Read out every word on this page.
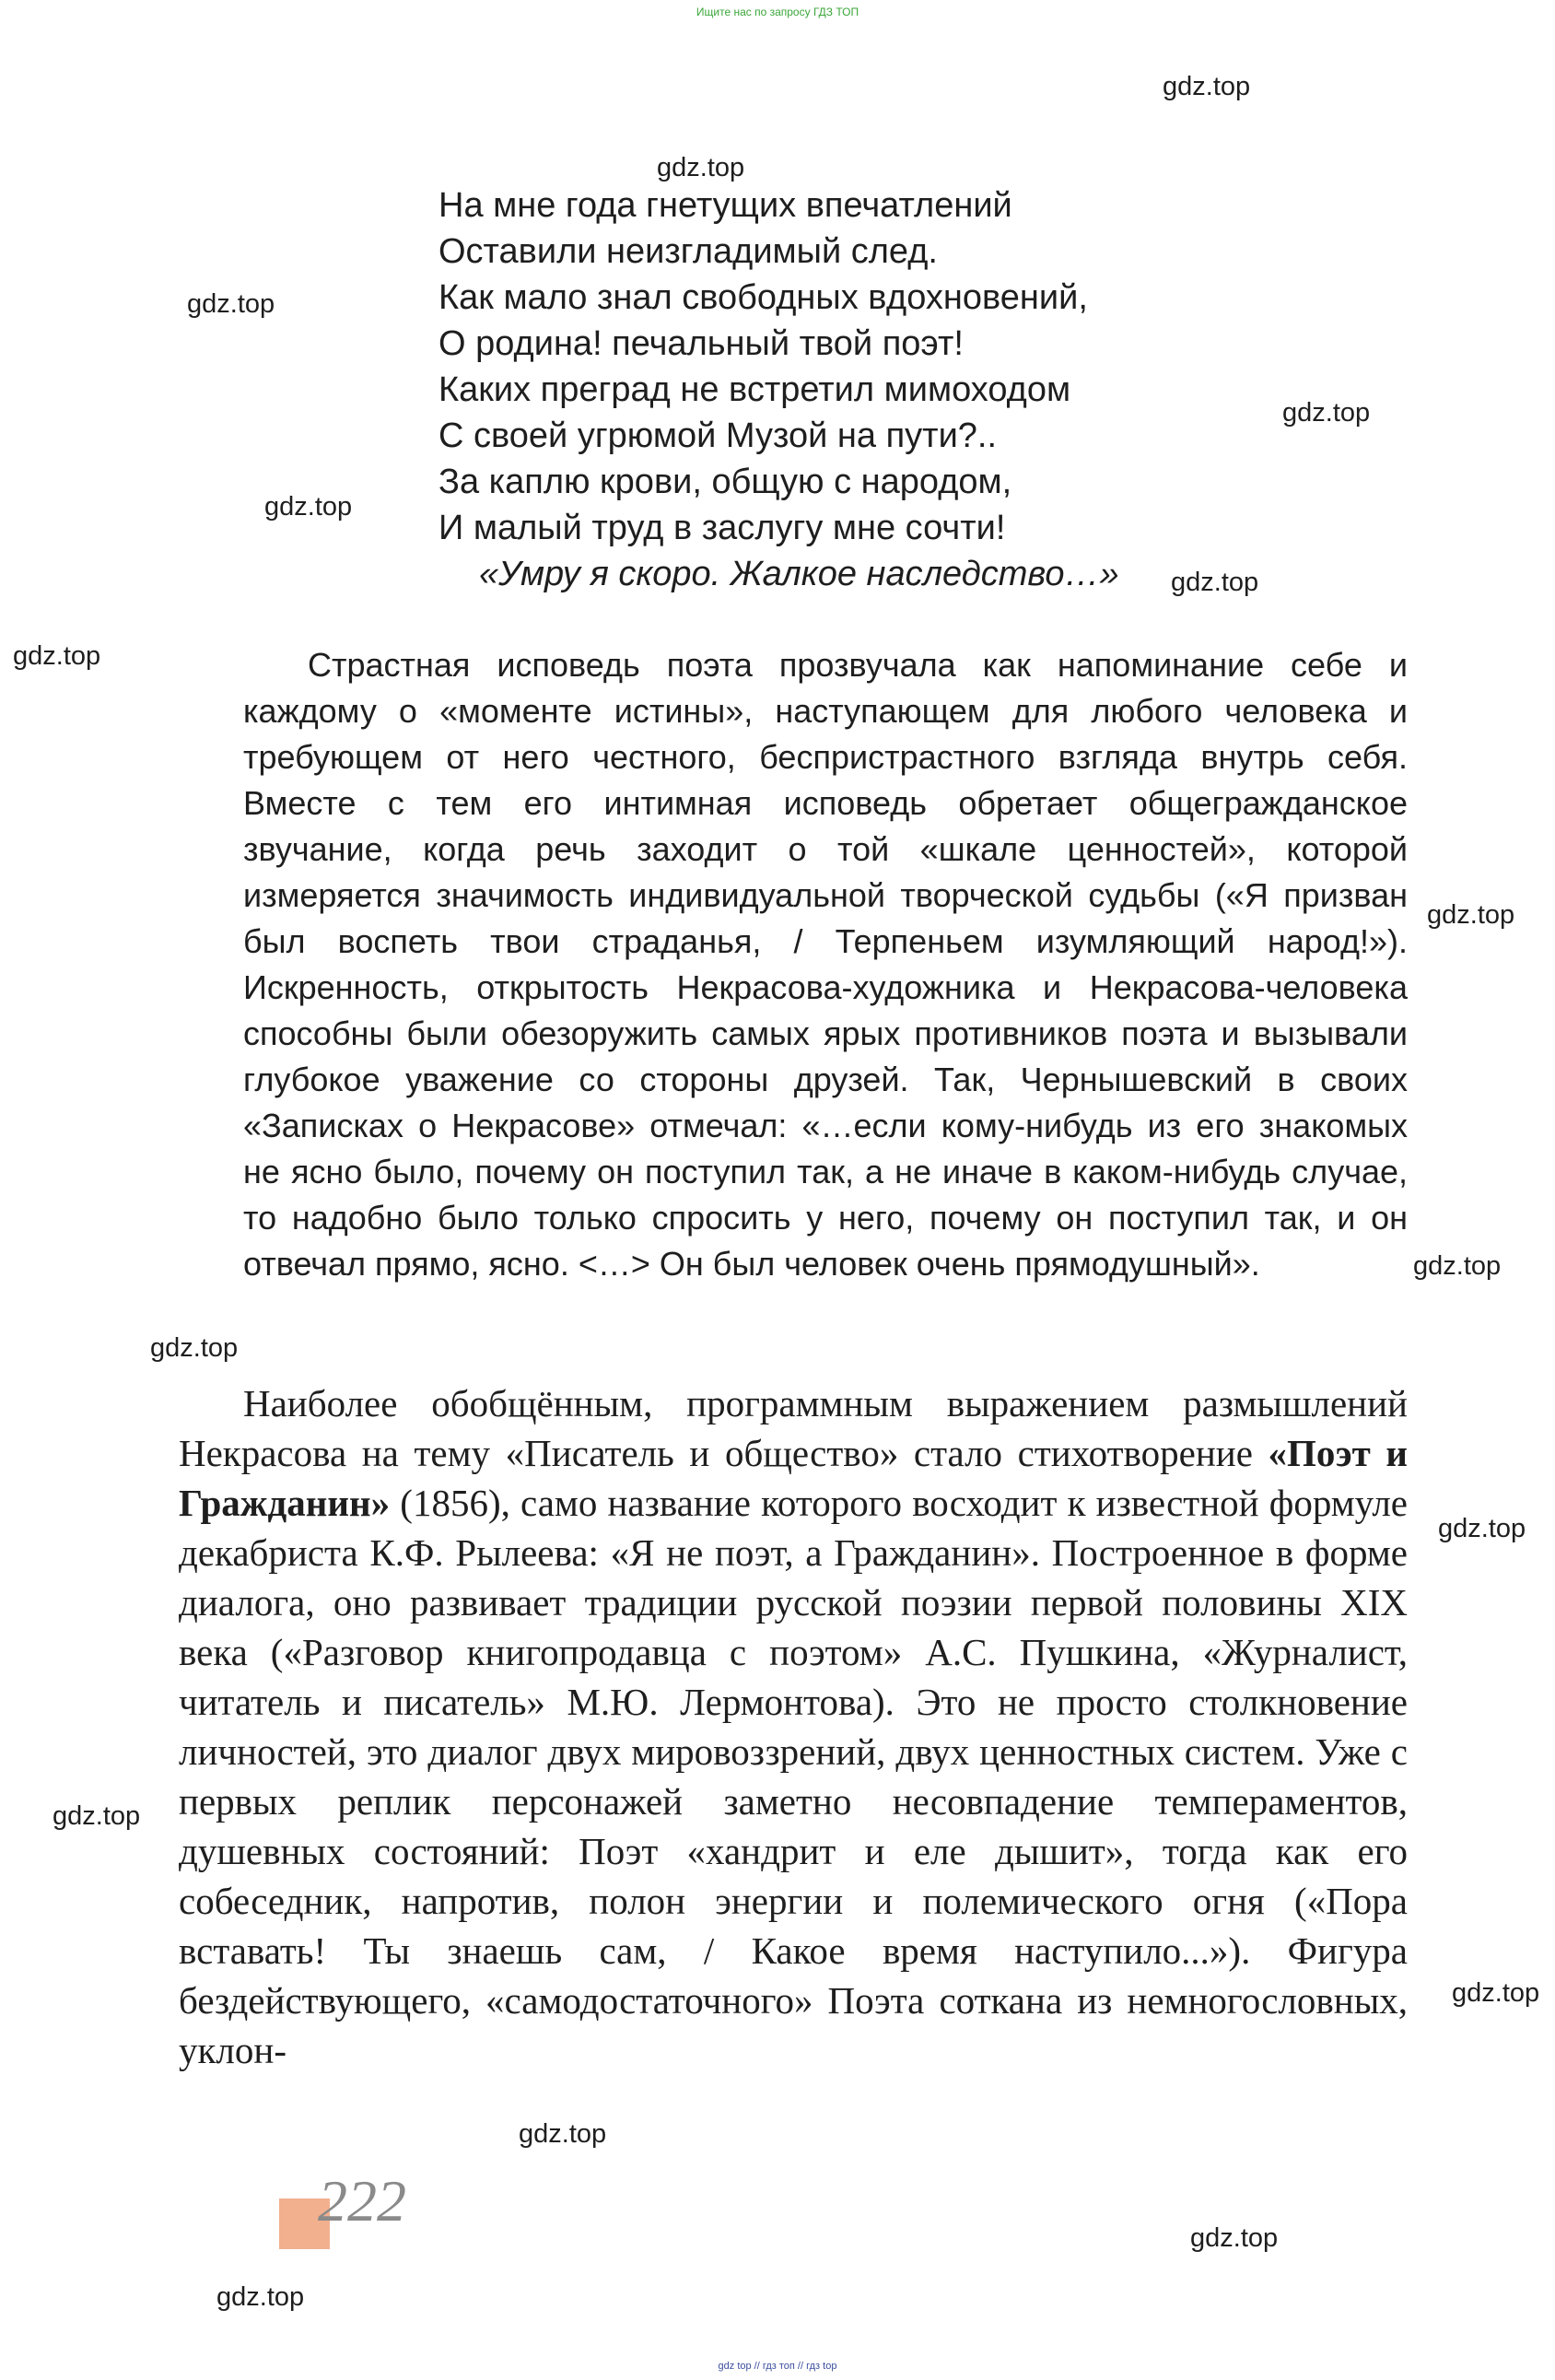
Ищите нас по запросу ГДЗ ТОП
gdz.top
gdz.top
gdz.top
gdz.top
gdz.top
gdz.top
gdz.top
gdz.top
gdz.top
gdz.top
gdz.top
gdz.top
gdz.top
gdz.top
gdz.top
gdz.top
На мне года гнетущих впечатлений
Оставили неизгладимый след.
Как мало знал свободных вдохновений,
О родина! печальный твой поэт!
Каких преград не встретил мимоходом
С своей угрюмой Музой на пути?..
За каплю крови, общую с народом,
И малый труд в заслугу мне сочти!
«Умру я скоро. Жалкое наследство…»
Страстная исповедь поэта прозвучала как напоминание себе и каждому о «моменте истины», наступающем для любого человека и требующем от него честного, беспристрастного взгляда внутрь себя. Вместе с тем его интимная исповедь обретает общегражданское звучание, когда речь заходит о той «шкале ценностей», которой измеряется значимость индивидуальной творческой судьбы («Я призван был воспеть твои страданья, / Терпеньем изумляющий народ!»). Искренность, открытость Некрасова-художника и Некрасова-человека способны были обезоружить самых ярых противников поэта и вызывали глубокое уважение со стороны друзей. Так, Чернышевский в своих «Записках о Некрасове» отмечал: «…если кому-нибудь из его знакомых не ясно было, почему он поступил так, а не иначе в каком-нибудь случае, то надобно было только спросить у него, почему он поступил так, и он отвечал прямо, ясно. <…> Он был человек очень прямодушный».
Наиболее обобщённым, программным выражением размышлений Некрасова на тему «Писатель и общество» стало стихотворение «Поэт и Гражданин» (1856), само название которого восходит к известной формуле декабриста К.Ф. Рылеева: «Я не поэт, а Гражданин». Построенное в форме диалога, оно развивает традиции русской поэзии первой половины XIX века («Разговор книгопродавца с поэтом» А.С. Пушкина, «Журналист, читатель и писатель» М.Ю. Лермонтова). Это не просто столкновение личностей, это диалог двух мировоззрений, двух ценностных систем. Уже с первых реплик персонажей заметно несовпадение темпераментов, душевных состояний: Поэт «хандрит и еле дышит», тогда как его собеседник, напротив, полон энергии и полемического огня («Пора вставать! Ты знаешь сам, / Какое время наступило...»). Фигура бездействующего, «самодостаточного» Поэта соткана из немногословных, уклон-
222
gdz top // гдз топ // гдз top
